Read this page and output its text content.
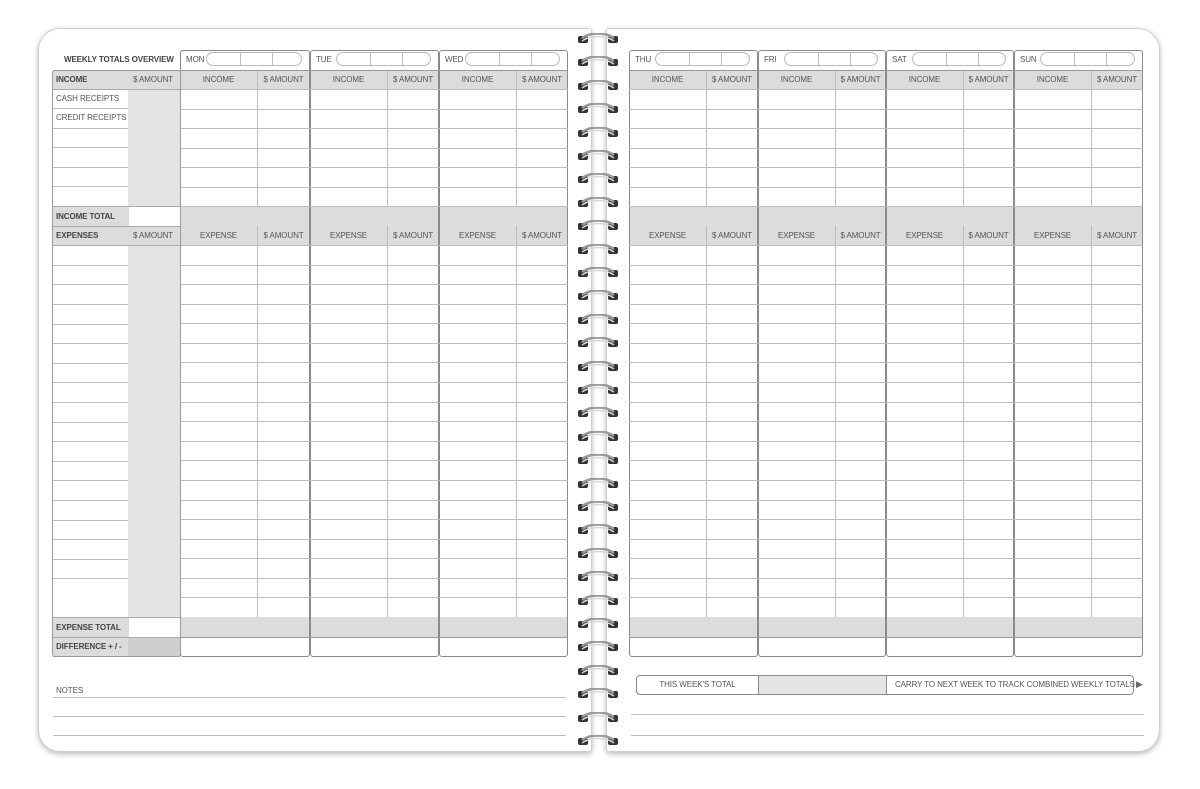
WEEKLY TOTALS OVERVIEW
INCOME	$ AMOUNT
CASH RECEIPTS
CREDIT RECEIPTS
INCOME TOTAL
EXPENSES	$ AMOUNT
EXPENSE TOTAL
DIFFERENCE + / -
MON
INCOME	$ AMOUNT
EXPENSE	$ AMOUNT
TUE
INCOME	$ AMOUNT
EXPENSE	$ AMOUNT
WED
INCOME	$ AMOUNT
EXPENSE	$ AMOUNT
THU
INCOME	$ AMOUNT
EXPENSE	$ AMOUNT
FRI
INCOME	$ AMOUNT
EXPENSE	$ AMOUNT
SAT
INCOME	$ AMOUNT
EXPENSE	$ AMOUNT
SUN
INCOME	$ AMOUNT
EXPENSE	$ AMOUNT
NOTES
THIS WEEK'S TOTAL	CARRY TO NEXT WEEK TO TRACK COMBINED WEEKLY TOTALS ▶
